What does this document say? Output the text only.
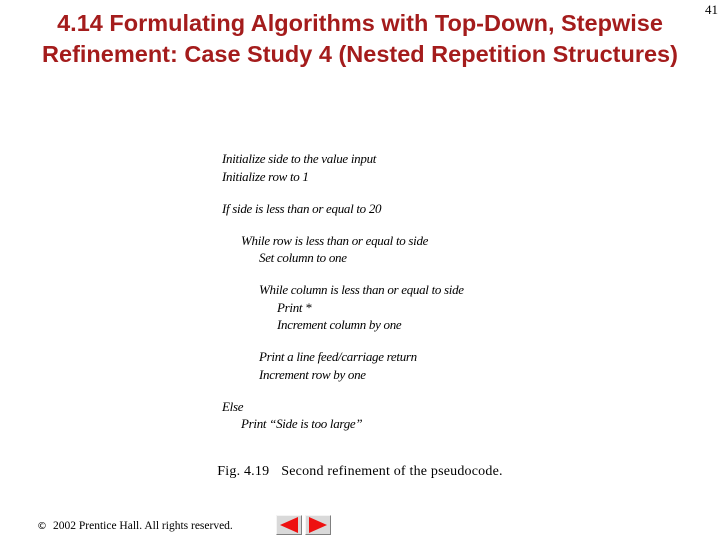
4.14 Formulating Algorithms with Top-Down, Stepwise Refinement: Case Study 4 (Nested Repetition Structures)
41
Initialize side to the value input
Initialize row to 1
If side is less than or equal to 20
While row is less than or equal to side
Set column to one
While column is less than or equal to side
Print *
Increment column by one
Print a line feed/carriage return
Increment row by one
Else
Print “Side is too large”
Fig. 4.19 Second refinement of the pseudocode.
© 2002 Prentice Hall. All rights reserved.
